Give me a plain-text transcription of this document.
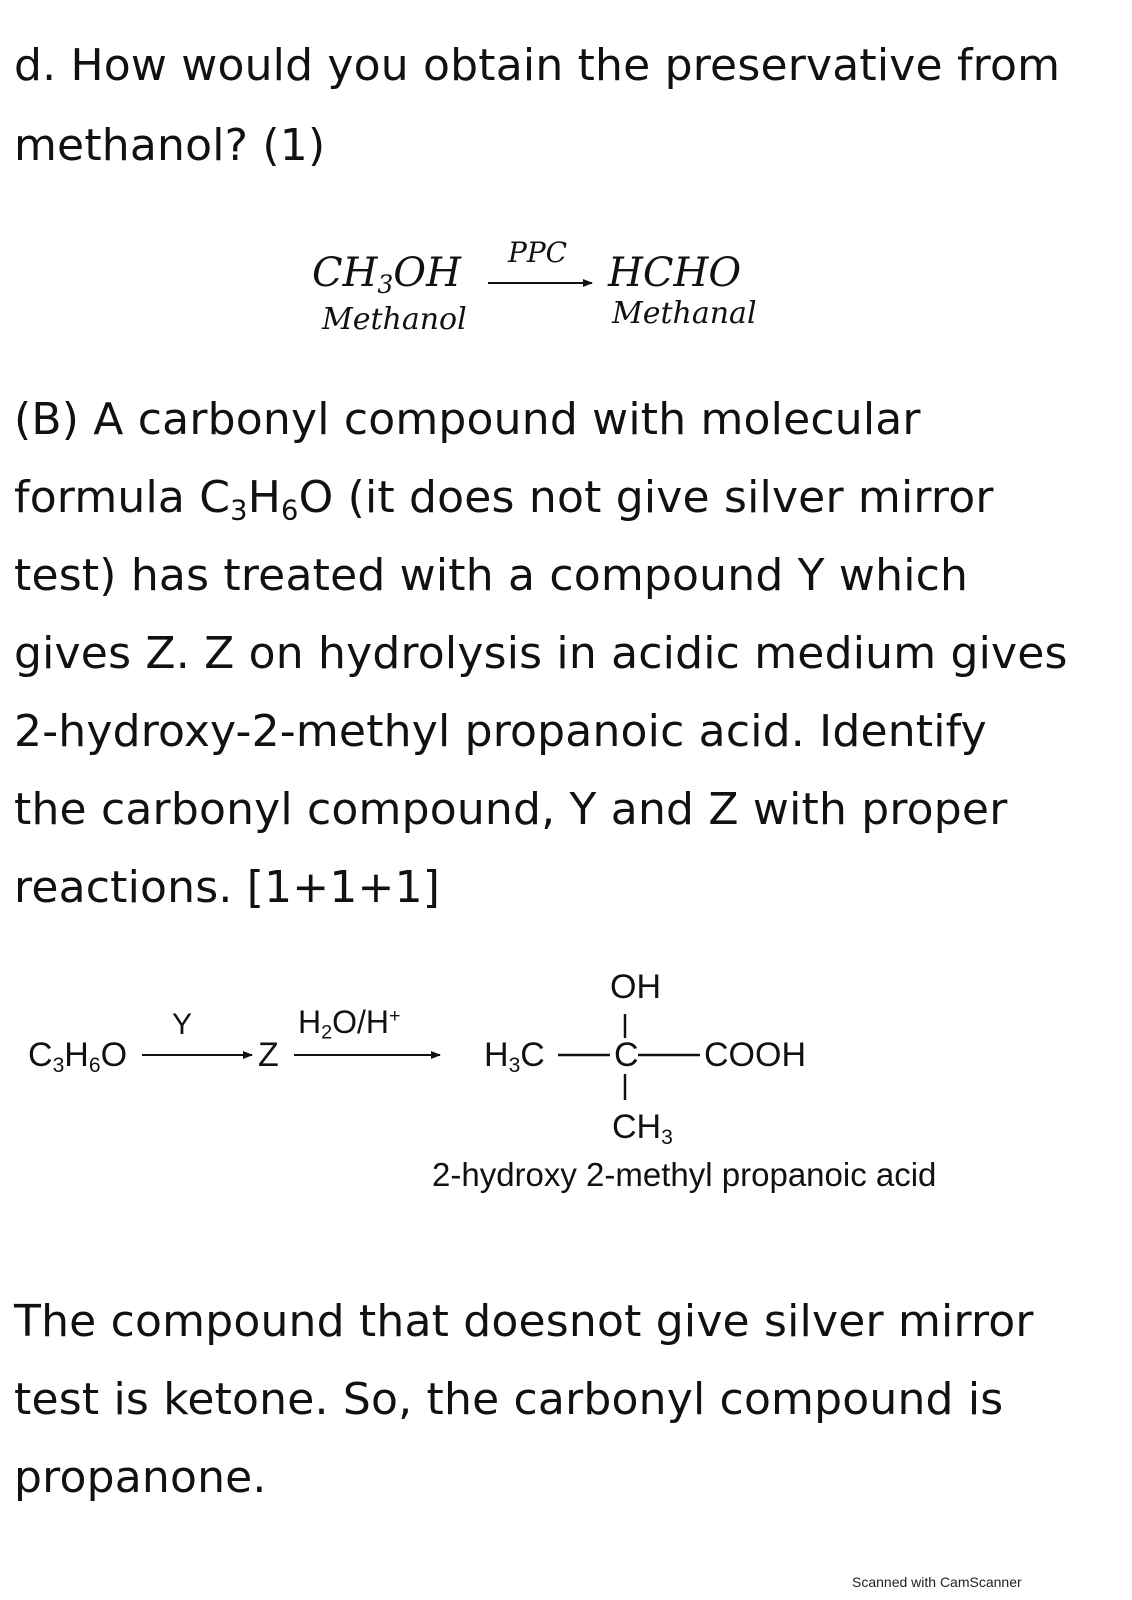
d. How would you obtain the preservative from

methanol? (1)

CH3OH
Methanol
PPC HCHO
Methanal

(B) A carbonyl compound with molecular

formula C3H6O (it does not give silver mirror

test) has treated with a compound Y which

gives Z. Z on hydrolysis in acidic medium gives

2-hydroxy-2-methyl propanoic acid. Identify

the carbonyl compound, Y and Z with proper

reactions. [1+1+1]

C3H6O
Y
Z
H2O/H+
H3C C
OH
COOH
CH3
2-hydroxy 2-methyl propanoic acid

The compound that doesnot give silver mirror

test is ketone. So, the carbonyl compound is

propanone.

Scanned with CamScanner
